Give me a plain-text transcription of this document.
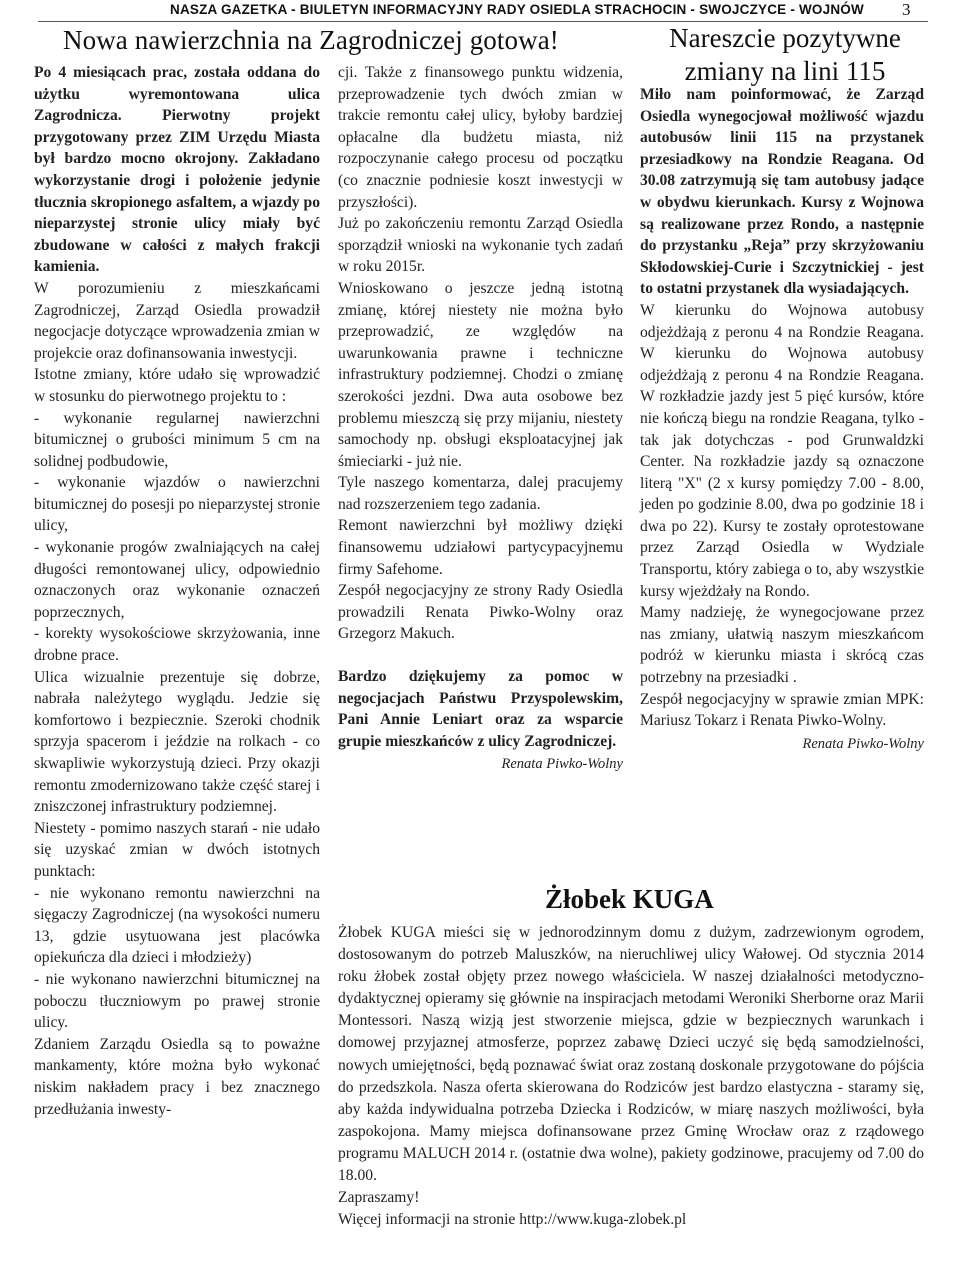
NASZA GAZETKA - BIULETYN INFORMACYJNY RADY OSIEDLA STRACHOCIN - SWOJCZYCE - WOJNÓW 3
Nowa nawierzchnia na Zagrodniczej gotowa!	Nareszcie pozytywne zmiany na lini 115

Po 4 miesiącach prac, została oddana do użytku wyremontowana ulica Zagrodnicza. Pierwotny projekt przygotowany przez ZIM Urzędu Miasta był bardzo mocno okrojony. Zakładano wykorzystanie drogi i położenie jedynie tłucznia skropionego asfaltem, a wjazdy po nieparzystej stronie ulicy miały być zbudowane w całości z małych frakcji kamienia.

W porozumieniu z mieszkańcami Zagrodniczej, Zarząd Osiedla prowadził negocjacje dotyczące wprowadzenia zmian w projekcie oraz dofinansowania inwestycji.

Istotne zmiany, które udało się wprowadzić w stosunku do pierwotnego projektu to :

- wykonanie regularnej nawierzchni bitumicznej o grubości minimum 5 cm na solidnej podbudowie,

- wykonanie wjazdów o nawierzchni bitumicznej do posesji po nieparzystej stronie ulicy,

- wykonanie progów zwalniających na całej długości remontowanej ulicy, odpowiednio oznaczonych oraz wykonanie oznaczeń poprzecznych,

- korekty wysokościowe skrzyżowania, inne drobne prace.

Ulica wizualnie prezentuje się dobrze, nabrała należytego wyglądu. Jedzie się komfortowo i bezpiecznie. Szeroki chodnik sprzyja spacerom i jeździe na rolkach - co skwapliwie wykorzystują dzieci. Przy okazji remontu zmodernizowano także część starej i zniszczonej infrastruktury podziemnej.

Niestety - pomimo naszych starań - nie udało się uzyskać zmian w dwóch istotnych punktach:

- nie wykonano remontu nawierzchni na sięgaczy Zagrodniczej (na wysokości numeru 13, gdzie usytuowana jest placówka opiekuńcza dla dzieci i młodzieży)

- nie wykonano nawierzchni bitumicznej na poboczu tłuczniowym po prawej stronie ulicy.

Zdaniem Zarządu Osiedla są to poważne mankamenty, które można było wykonać niskim nakładem pracy i bez znacznego przedłużania inwesty-

cji. Także z finansowego punktu widzenia, przeprowadzenie tych dwóch zmian w trakcie remontu całej ulicy, byłoby bardziej opłacalne dla budżetu miasta, niż rozpoczynanie całego procesu od początku (co znacznie podniesie koszt inwestycji w przyszłości).

Już po zakończeniu remontu Zarząd Osiedla sporządził wnioski na wykonanie tych zadań w roku 2015r.

Wnioskowano o jeszcze jedną istotną zmianę, której niestety nie można było przeprowadzić, ze względów na uwarunkowania prawne i techniczne infrastruktury podziemnej. Chodzi o zmianę szerokości jezdni. Dwa auta osobowe bez problemu mieszczą się przy mijaniu, niestety samochody np. obsługi eksploatacyjnej jak śmieciarki - już nie.

Tyle naszego komentarza, dalej pracujemy nad rozszerzeniem tego zadania.

Remont nawierzchni był możliwy dzięki finansowemu udziałowi partycypacyjnemu firmy Safehome.

Zespół negocjacyjny ze strony Rady Osiedla prowadzili Renata Piwko-Wolny oraz Grzegorz Makuch.

Bardzo dziękujemy za pomoc w negocjacjach Państwu Przyspolewskim, Pani Annie Leniart oraz za wsparcie grupie mieszkańców z ulicy Zagrodniczej.

Renata Piwko-Wolny

Miło nam poinformować, że Zarząd Osiedla wynegocjował możliwość wjazdu autobusów linii 115 na przystanek przesiadkowy na Rondzie Reagana. Od 30.08 zatrzymują się tam autobusy jadące w obydwu kierunkach. Kursy z Wojnowa są realizowane przez Rondo, a następnie do przystanku „Reja” przy skrzyżowaniu Skłodowskiej-Curie i Szczytnickiej - jest to ostatni przystanek dla wysiadających.

W kierunku do Wojnowa autobusy odjeżdżają z peronu 4 na Rondzie Reagana. W kierunku do Wojnowa autobusy odjeżdżają z peronu 4 na Rondzie Reagana. W rozkładzie jazdy jest 5 pięć kursów, które nie kończą biegu na rondzie Reagana, tylko - tak jak dotychczas - pod Grunwaldzki Center. Na rozkładzie jazdy są oznaczone literą "X" (2 x kursy pomiędzy 7.00 - 8.00, jeden po godzinie 8.00, dwa po godzinie 18 i dwa po 22). Kursy te zostały oprotestowane przez Zarząd Osiedla w Wydziale Transportu, który zabiega o to, aby wszystkie kursy wjeżdżały na Rondo.

Mamy nadzieję, że wynegocjowane przez nas zmiany, ułatwią naszym mieszkańcom podróż w kierunku miasta i skrócą czas potrzebny na przesiadki .

Zespół negocjacyjny w sprawie zmian MPK: Mariusz Tokarz i Renata Piwko-Wolny.

Renata Piwko-Wolny

Żłobek KUGA

Żłobek KUGA mieści się w jednorodzinnym domu z dużym, zadrzewionym ogrodem, dostosowanym do potrzeb Maluszków, na nieruchliwej ulicy Wałowej. Od stycznia 2014 roku żłobek został objęty przez nowego właściciela. W naszej działalności metodyczno-dydaktycznej opieramy się głównie na inspiracjach metodami Weroniki Sherborne oraz Marii Montessori. Naszą wizją jest stworzenie miejsca, gdzie w bezpiecznych warunkach i domowej przyjaznej atmosferze, poprzez zabawę Dzieci uczyć się będą samodzielności, nowych umiejętności, będą poznawać świat oraz zostaną doskonale przygotowane do pójścia do przedszkola. Nasza oferta skierowana do Rodziców jest bardzo elastyczna - staramy się, aby każda indywidualna potrzeba Dziecka i Rodziców, w miarę naszych możliwości, była zaspokojona. Mamy miejsca dofinansowane przez Gminę Wrocław oraz z rządowego programu MALUCH 2014 r. (ostatnie dwa wolne), pakiety godzinowe, pracujemy od 7.00 do 18.00.

Zapraszamy!

Więcej informacji na stronie http://www.kuga-zlobek.pl
